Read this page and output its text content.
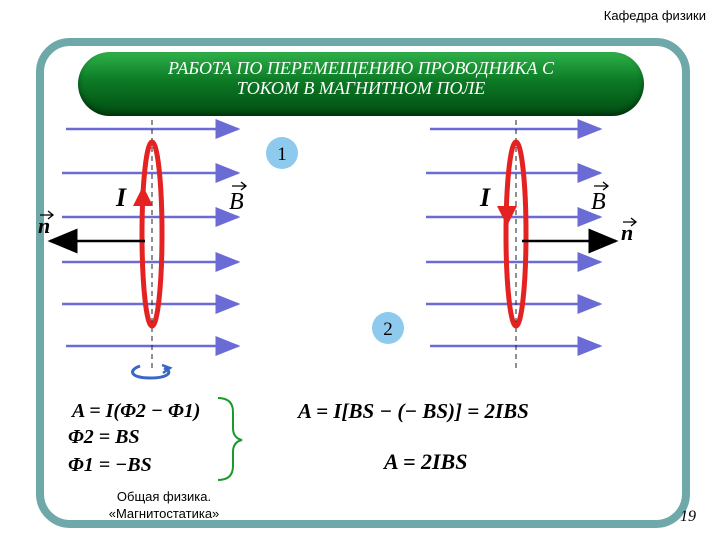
Кафедра физики
РАБОТА ПО ПЕРЕМЕЩЕНИЮ ПРОВОДНИКА С
ТОКОМ В МАГНИТНОМ ПОЛЕ
1
2
I	B
n
I	B
n
A = I(Φ2 − Φ1)
Φ2 = BS
Φ1 = −BS
A = I[BS − (− BS)] = 2IBS
A = 2IBS
Общая физика.
«Магнитостатика»	19
